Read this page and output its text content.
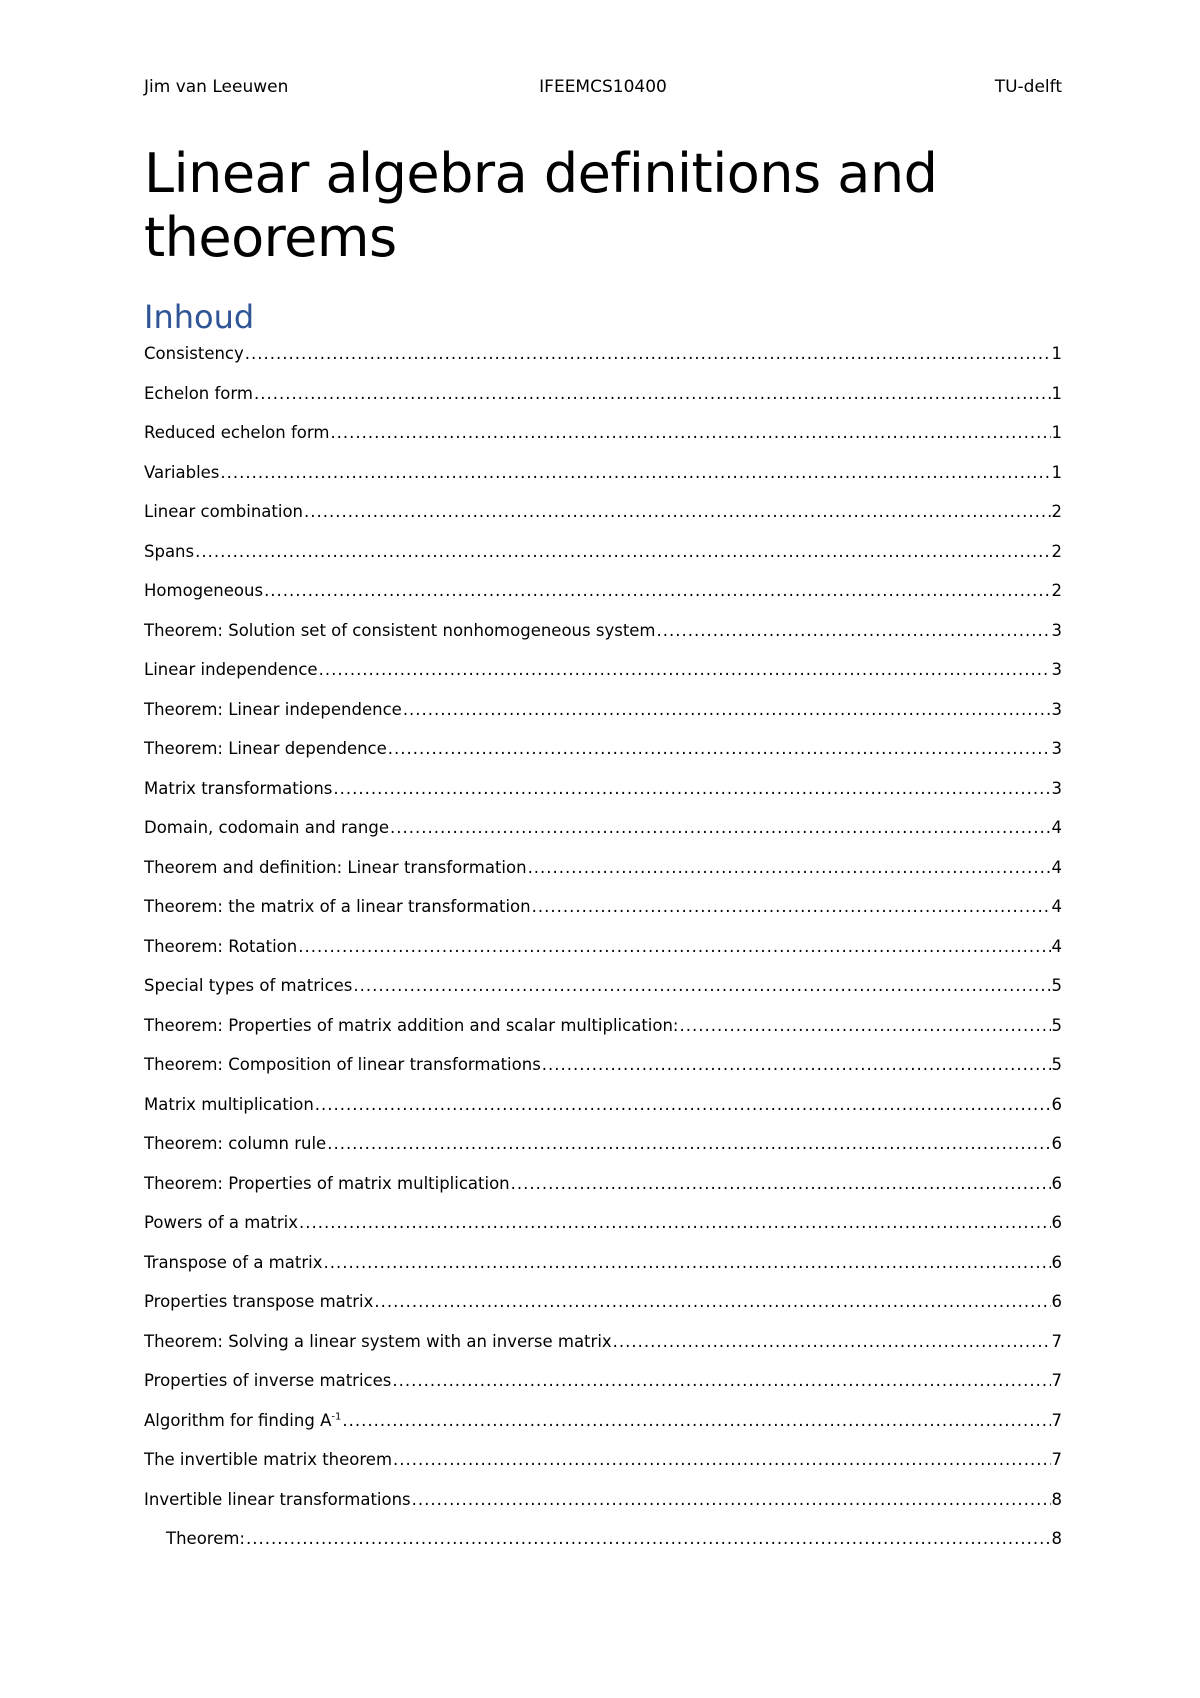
Jim van Leeuwen	IFEEMCS10400	TU-delft
Linear algebra definitions and theorems
Inhoud
Consistency .....	1
Echelon form .....	1
Reduced echelon form .....	1
Variables .....	1
Linear combination .....	2
Spans .....	2
Homogeneous .....	2
Theorem: Solution set of consistent nonhomogeneous system .....	3
Linear independence .....	3
Theorem: Linear independence .....	3
Theorem: Linear dependence .....	3
Matrix transformations .....	3
Domain, codomain and range .....	4
Theorem and definition: Linear transformation .....	4
Theorem: the matrix of a linear transformation .....	4
Theorem: Rotation .....	4
Special types of matrices .....	5
Theorem: Properties of matrix addition and scalar multiplication: .....	5
Theorem: Composition of linear transformations .....	5
Matrix multiplication .....	6
Theorem: column rule .....	6
Theorem: Properties of matrix multiplication .....	6
Powers of a matrix .....	6
Transpose of a matrix .....	6
Properties transpose matrix .....	6
Theorem: Solving a linear system with an inverse matrix .....	7
Properties of inverse matrices .....	7
Algorithm for finding $A^{-1}$ .....	7
The invertible matrix theorem .....	7
Invertible linear transformations .....	8
Theorem: .....	8
